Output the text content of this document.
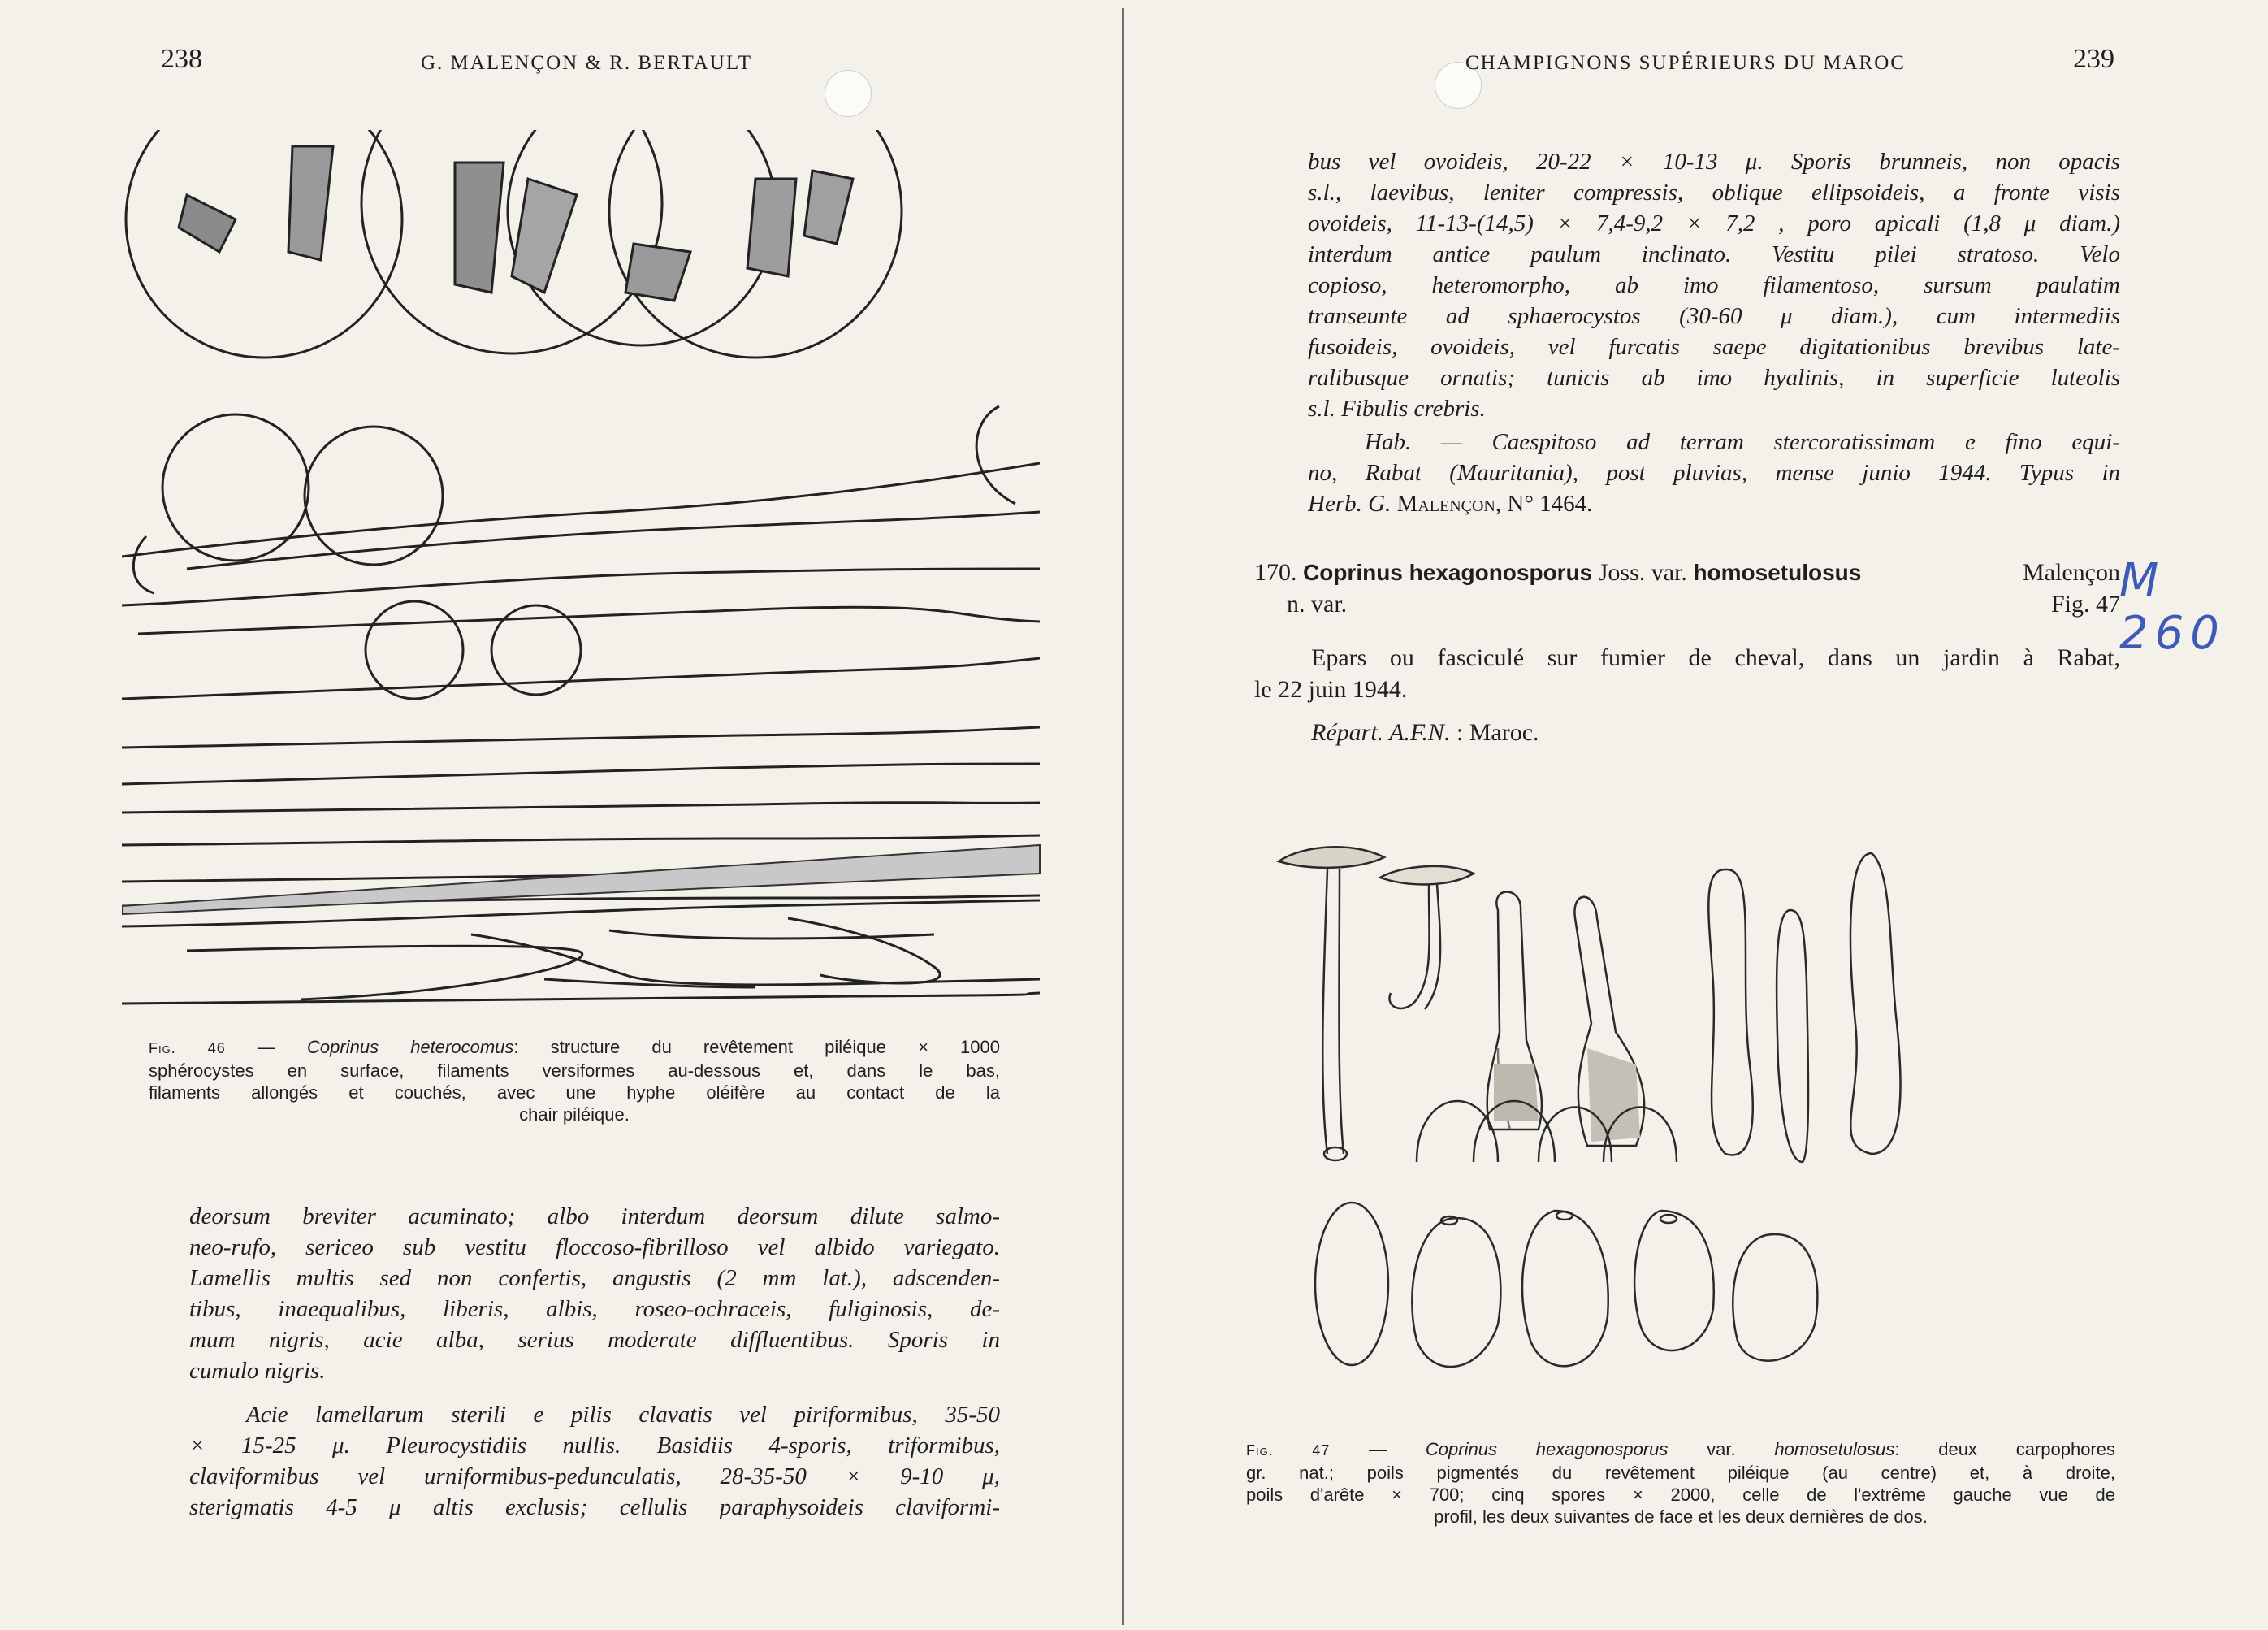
238	G. MALENÇON & R. BERTAULT
Fig. 46 — Coprinus heterocomus: structure du revêtement piléique × 1000
sphérocystes en surface, filaments versiformes au-dessous et, dans le bas,
filaments allongés et couchés, avec une hyphe oléifère au contact de la
chair piléique.
deorsum breviter acuminato; albo interdum deorsum dilute salmo-
neo-rufo, sericeo sub vestitu floccoso-fibrilloso vel albido variegato.
Lamellis multis sed non confertis, angustis (2 mm lat.), adscenden-
tibus, inaequalibus, liberis, albis, roseo-ochraceis, fuliginosis, de-
mum nigris, acie alba, serius moderate diffluentibus. Sporis in
cumulo nigris.
Acie lamellarum sterili e pilis clavatis vel piriformibus, 35-50
× 15-25 μ. Pleurocystidiis nullis. Basidiis 4-sporis, triformibus,
claviformibus vel urniformibus-pedunculatis, 28-35-50 × 9-10 μ,
sterigmatis 4-5 μ altis exclusis; cellulis paraphysoideis claviformi-
CHAMPIGNONS SUPÉRIEURS DU MAROC	239
bus vel ovoideis, 20-22 × 10-13 μ. Sporis brunneis, non opacis
s.l., laevibus, leniter compressis, oblique ellipsoideis, a fronte visis
ovoideis, 11-13-(14,5) × 7,4-9,2 × 7,2 , poro apicali (1,8 μ diam.)
interdum antice paulum inclinato. Vestitu pilei stratoso. Velo
copioso, heteromorpho, ab imo filamentoso, sursum paulatim
transeunte ad sphaerocystos (30-60 μ diam.), cum intermediis
fusoideis, ovoideis, vel furcatis saepe digitationibus brevibus late-
ralibusque ornatis; tunicis ab imo hyalinis, in superficie luteolis
s.l. Fibulis crebris.
Hab. — Caespitoso ad terram stercoratissimam e fino equi-
no, Rabat (Mauritania), post pluvias, mense junio 1944. Typus in
Herb. G. Malençon, N° 1464.
170. Coprinus hexagonosporus Joss. var. homosetulosus	Malençon
n. var.	Fig. 47 M 260
Epars ou fasciculé sur fumier de cheval, dans un jardin à Rabat,
le 22 juin 1944.
Répart. A.F.N. : Maroc.
Fig. 47 — Coprinus hexagonosporus var. homosetulosus: deux carpophores
gr. nat.; poils pigmentés du revêtement piléique (au centre) et, à droite,
poils d'arête × 700; cinq spores × 2000, celle de l'extrême gauche vue de
profil, les deux suivantes de face et les deux dernières de dos.
